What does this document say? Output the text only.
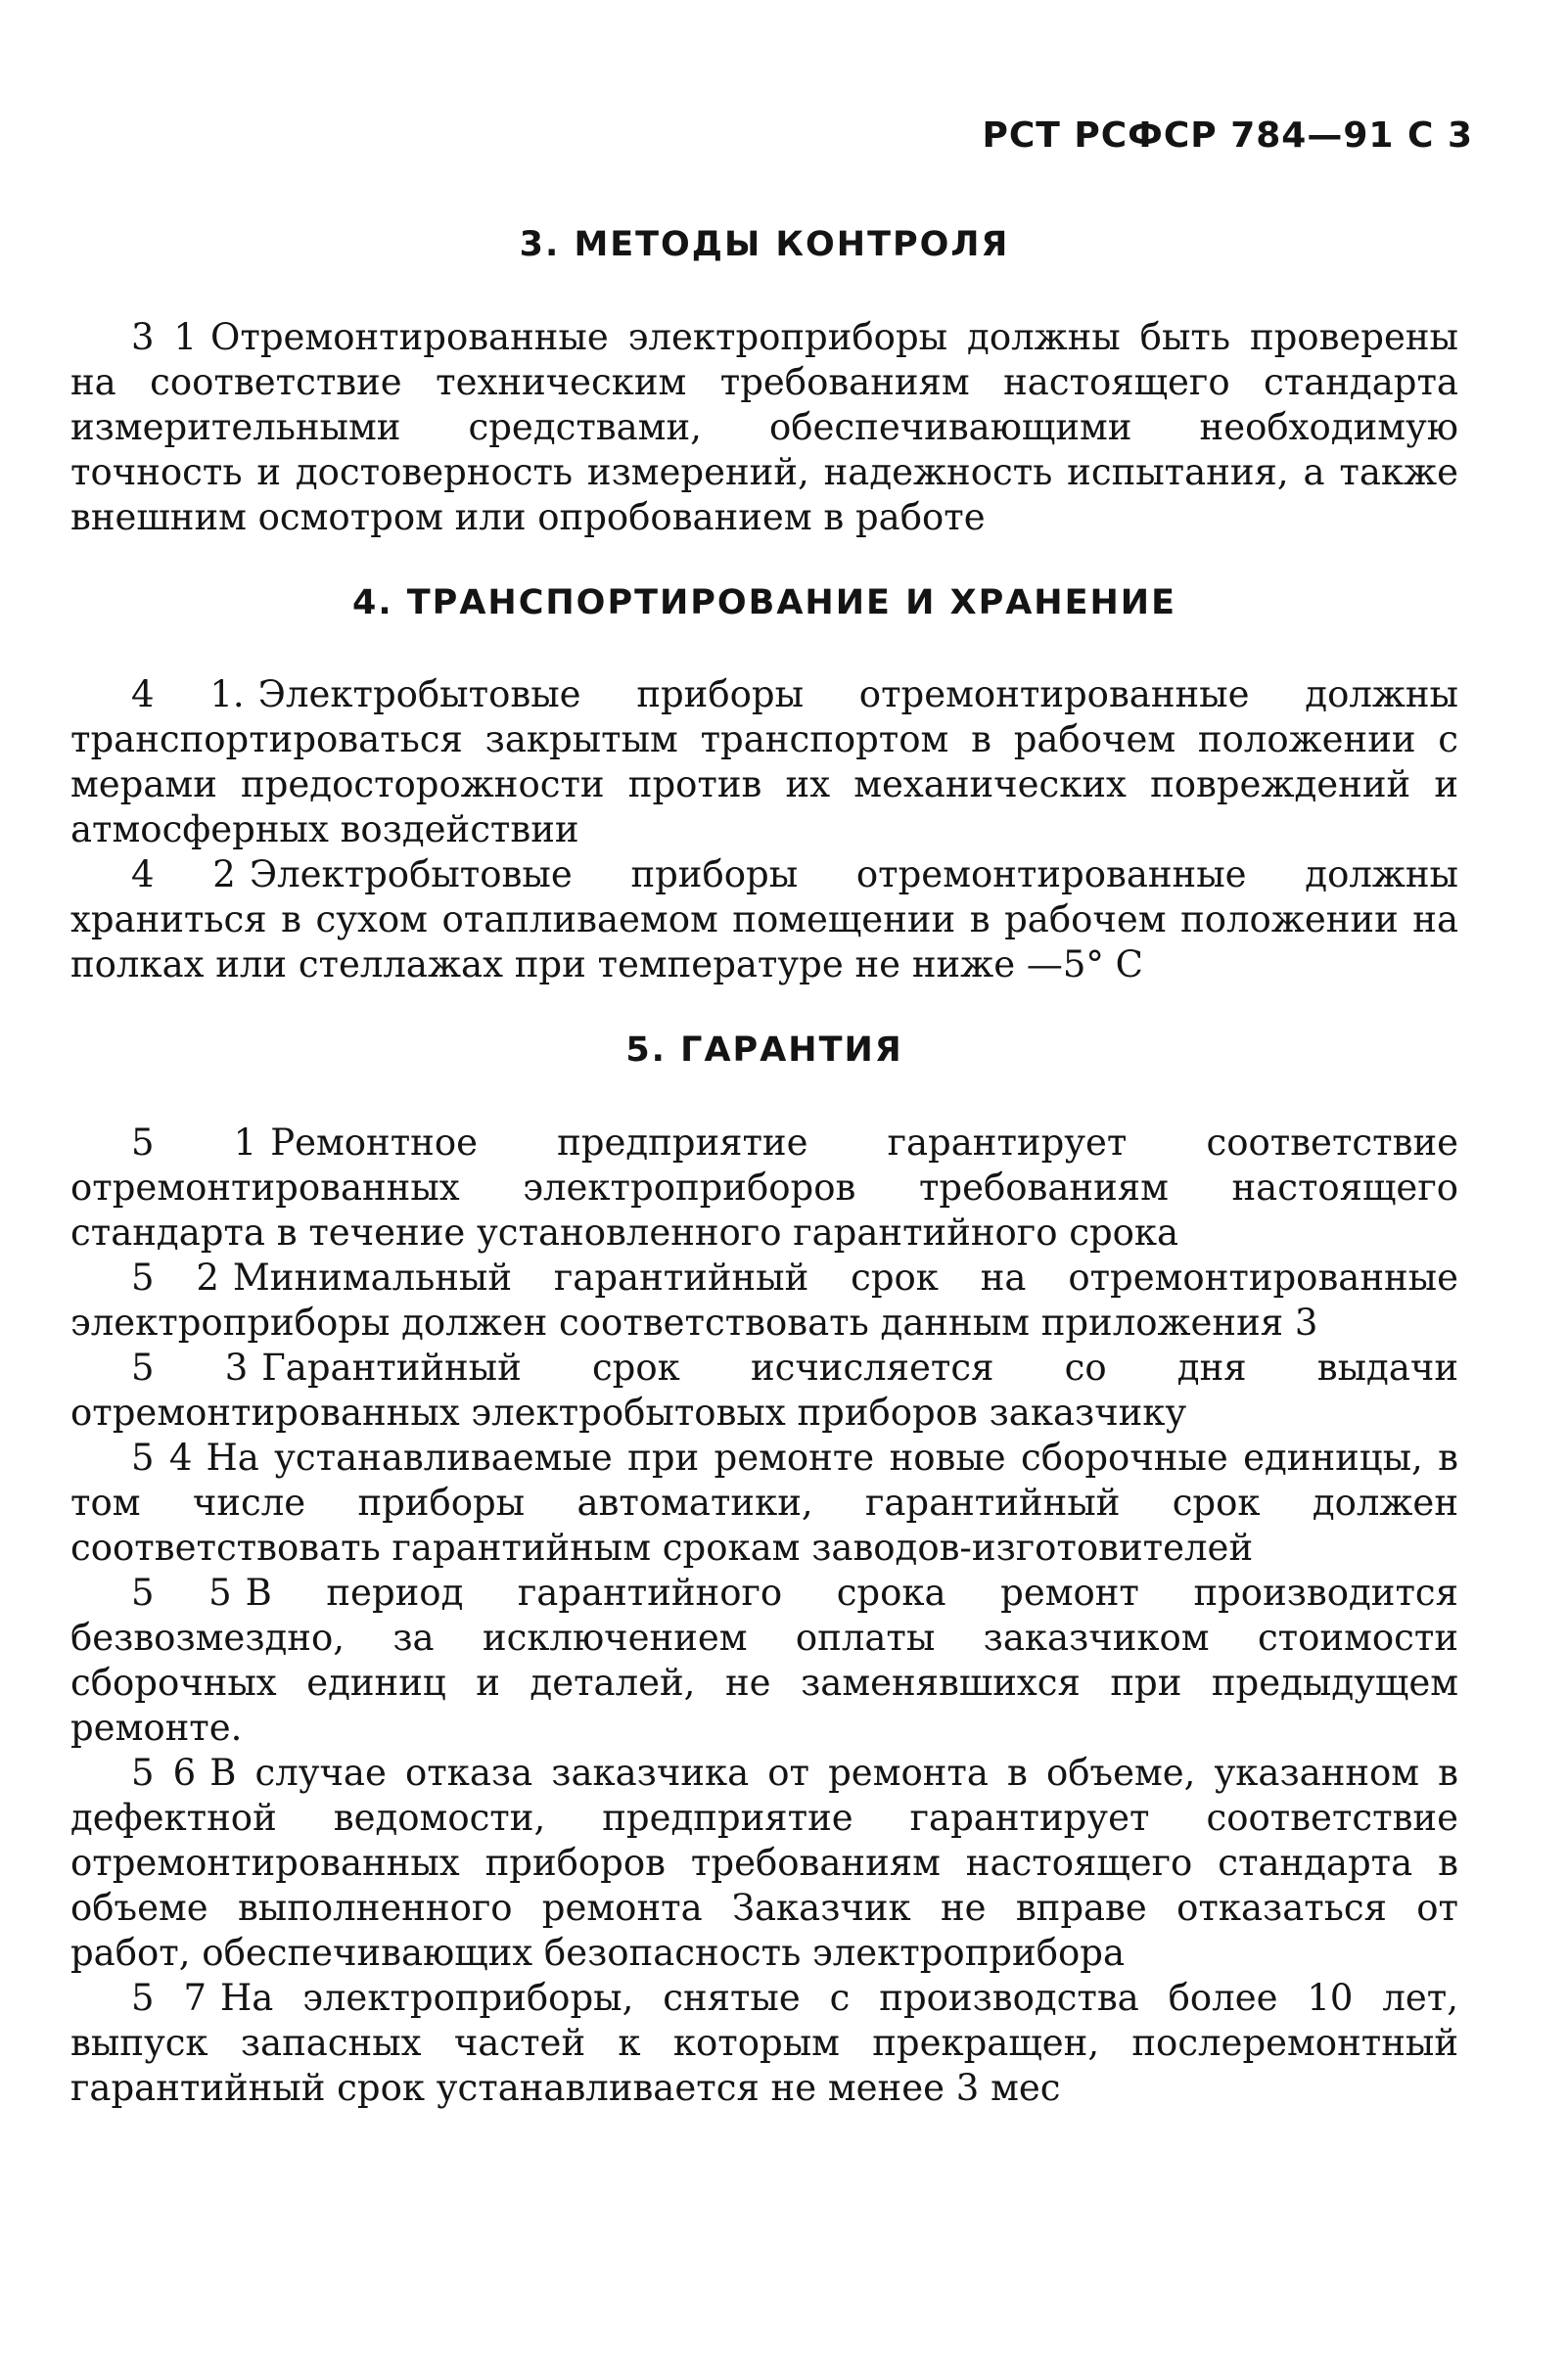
РСТ РСФСР 784—91 С 3

3. МЕТОДЫ КОНТРОЛЯ

3 1 Отремонтированные электроприборы должны быть проверены на соответствие техническим требованиям настоящего стандарта измерительными средствами, обеспечивающими необходимую точность и достоверность измерений, надежность испытания, а также внешним осмотром или опробованием в работе

4. ТРАНСПОРТИРОВАНИЕ И ХРАНЕНИЕ

4 1. Электробытовые приборы отремонтированные должны транспортироваться закрытым транспортом в рабочем положении с мерами предосторожности против их механических повреждений и атмосферных воздействии

4 2 Электробытовые приборы отремонтированные должны храниться в сухом отапливаемом помещении в рабочем положении на полках или стеллажах при температуре не ниже —5° С

5. ГАРАНТИЯ

5 1 Ремонтное предприятие гарантирует соответствие отремонтированных электроприборов требованиям настоящего стандарта в течение установленного гарантийного срока

5 2 Минимальный гарантийный срок на отремонтированные электроприборы должен соответствовать данным приложения 3

5 3 Гарантийный срок исчисляется со дня выдачи отремонтированных электробытовых приборов заказчику

5 4 На устанавливаемые при ремонте новые сборочные единицы, в том числе приборы автоматики, гарантийный срок должен соответствовать гарантийным срокам заводов-изготовителей

5 5 В период гарантийного срока ремонт производится безвозмездно, за исключением оплаты заказчиком стоимости сборочных единиц и деталей, не заменявшихся при предыдущем ремонте.

5 6 В случае отказа заказчика от ремонта в объеме, указанном в дефектной ведомости, предприятие гарантирует соответствие отремонтированных приборов требованиям настоящего стандарта в объеме выполненного ремонта Заказчик не вправе отказаться от работ, обеспечивающих безопасность электроприбора

5 7 На электроприборы, снятые с производства более 10 лет, выпуск запасных частей к которым прекращен, послеремонтный гарантийный срок устанавливается не менее 3 мес
